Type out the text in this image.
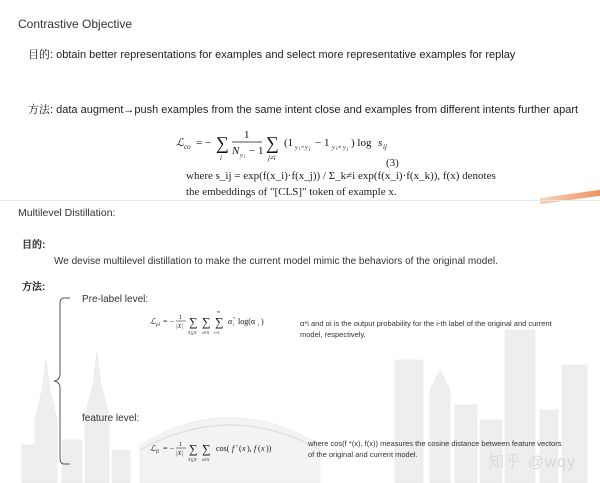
Contrastive Objective
目的: obtain better representations for examples and select more representative examples for replay
方法: data augment→push examples from the same intent close and examples from different intents further apart
ℒ co = − ∑
i
1
N y i
− 1 ∑
j≠i
(1 y i = y j
− 1 y i ≠ y j
) log s ij
(3)
where s_ij = exp(f(x_i)·f(x_j)) / Σ_k≠i exp(f(x_i)·f(x_k)), f(x) denotes
the embeddings of "[CLS]" token of example x.
Multilevel Distillation:
目的:
We devise multilevel distillation to make the current model mimic the behaviors of the original model.
方法:
Pre-label level:
ℒ pl = − 1
|X| ∑
X⊆N
∑
x∈X
∑
m
i=1
α i
* log(α i )	α*i and αi is the output probability for the i-th label of the original and current model, respectively.
feature level:
ℒ fl = − 1
|X| ∑
X⊆N
∑
x∈X
cos( f * ( x ), f ( x ))
where cos(f *(x), f(x)) measures the cosine distance between feature vectors of the original and current model.	知乎 @wqy
